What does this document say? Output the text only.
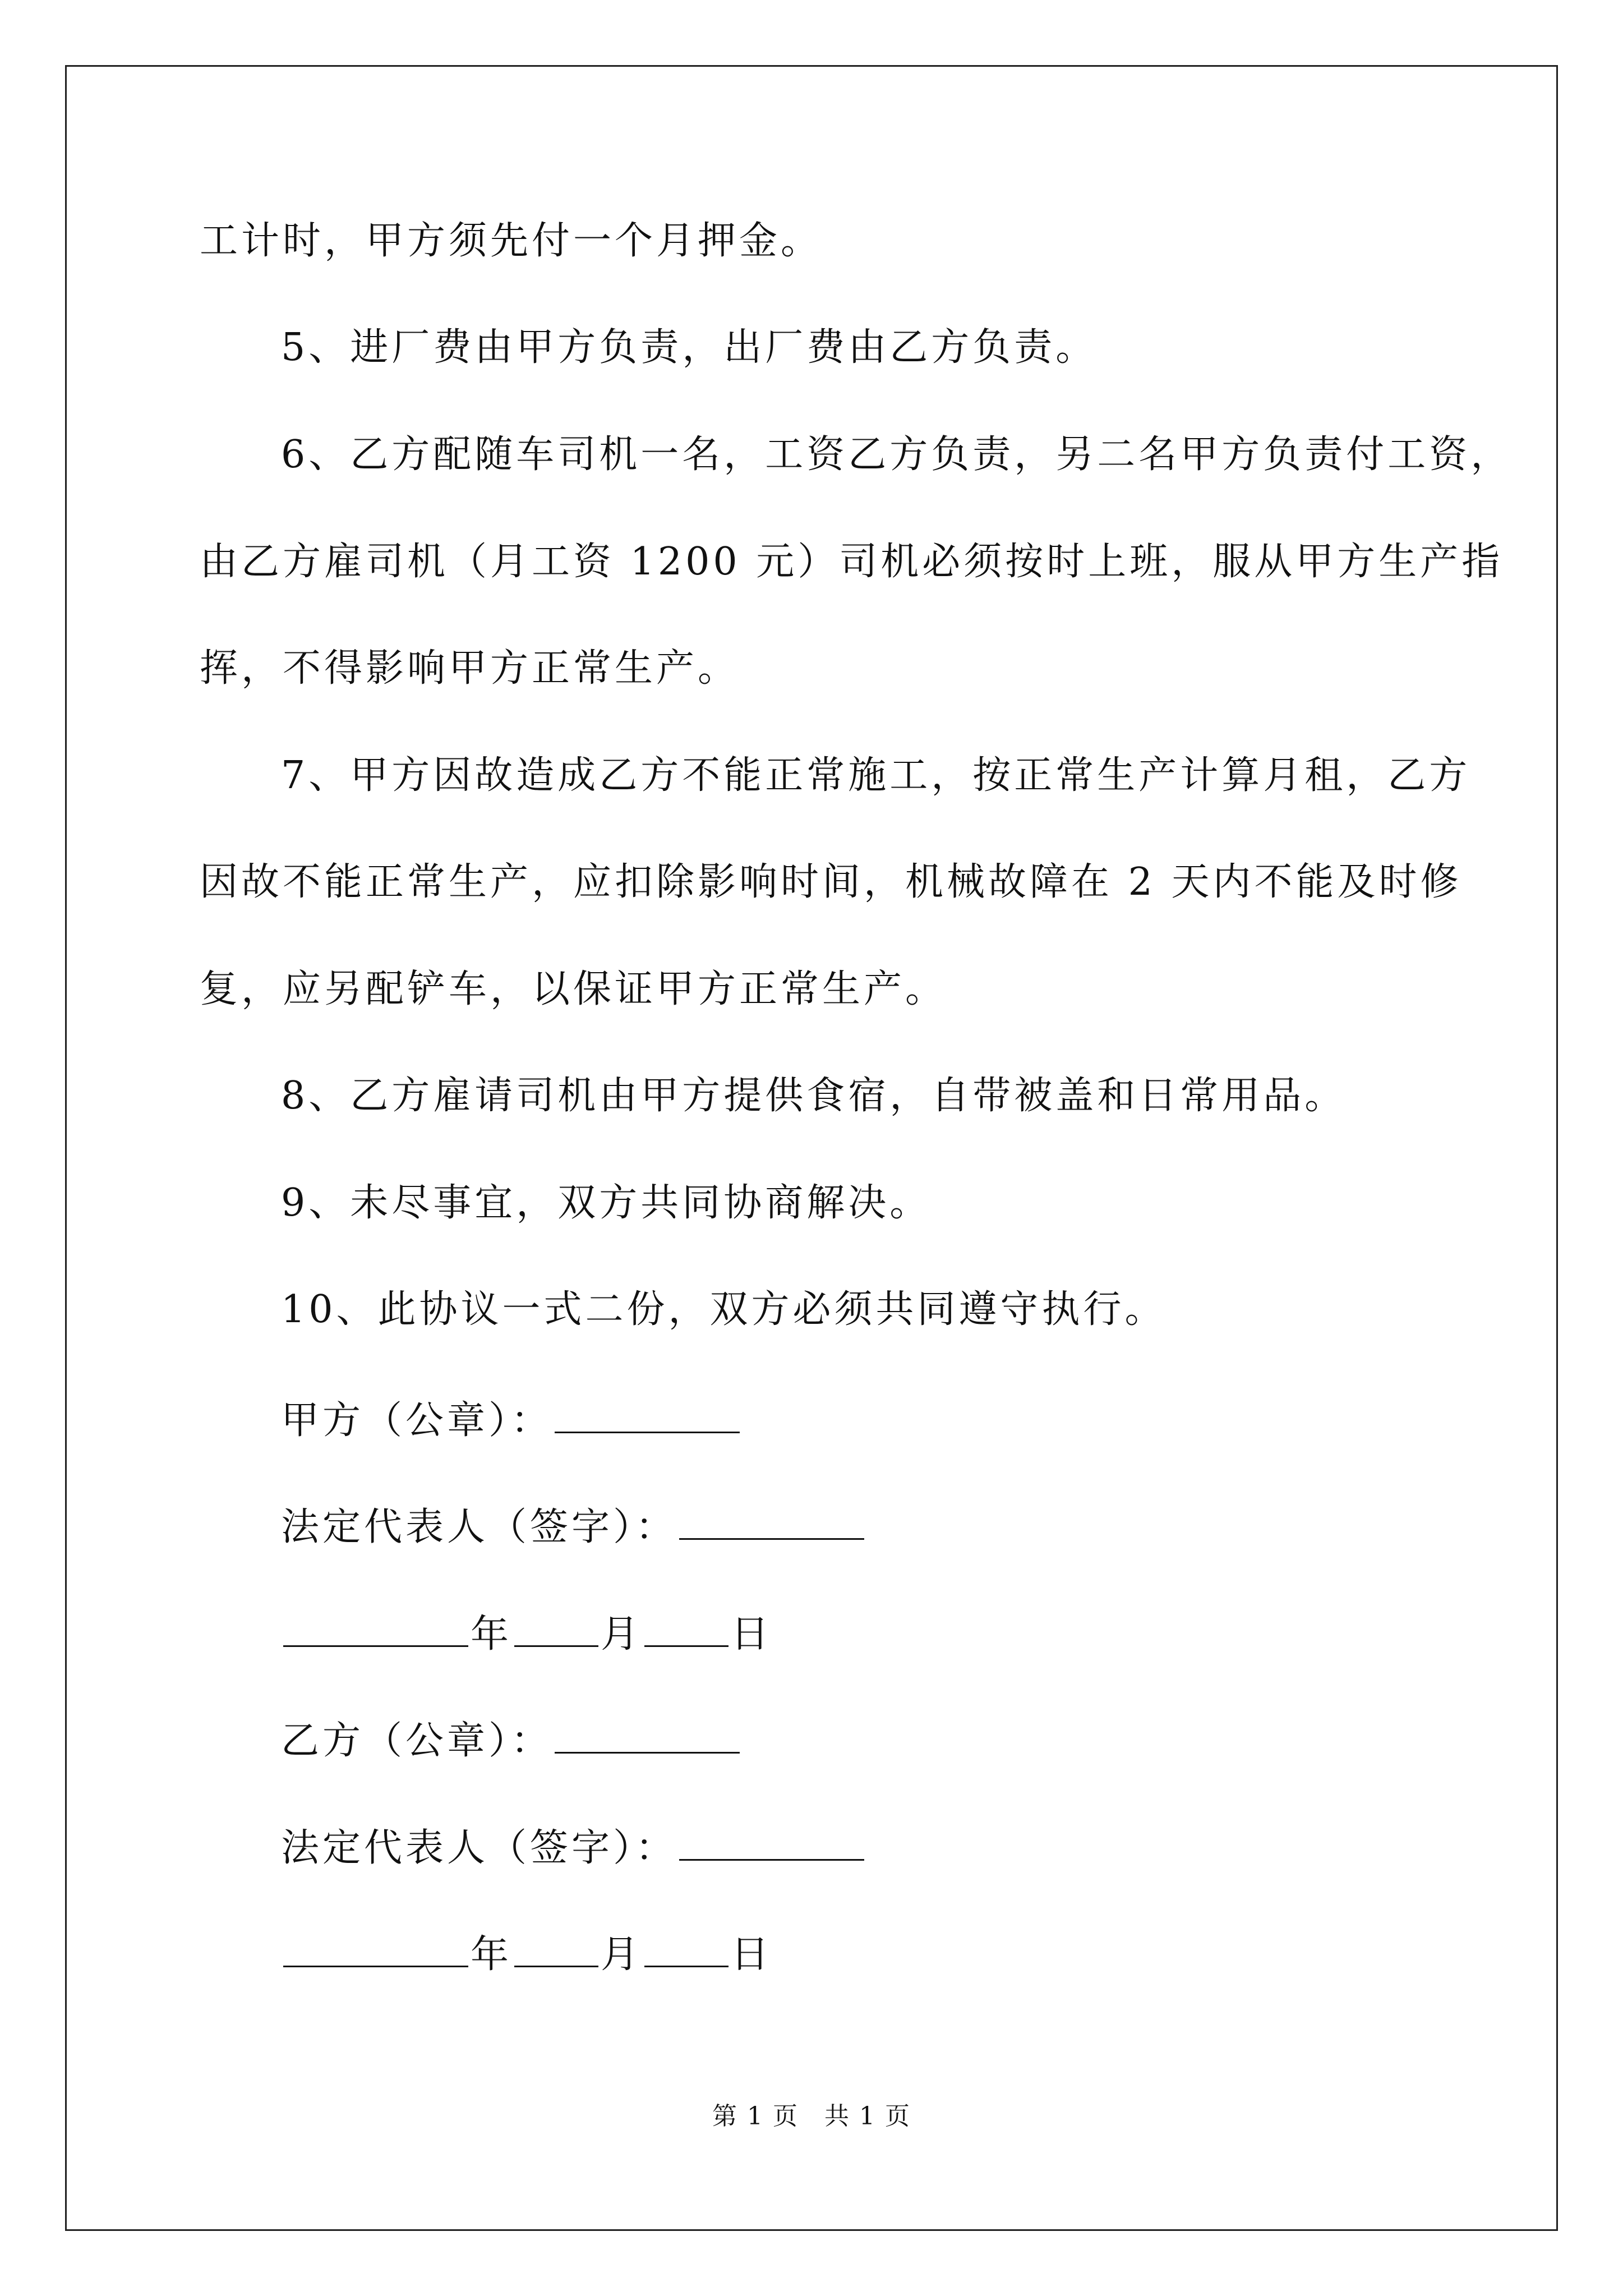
工计时，甲方须先付一个月押金。
5、进厂费由甲方负责，出厂费由乙方负责。
6、乙方配随车司机一名，工资乙方负责，另二名甲方负责付工资，
由乙方雇司机（月工资 1200 元）司机必须按时上班，服从甲方生产指
挥，不得影响甲方正常生产。
7、甲方因故造成乙方不能正常施工，按正常生产计算月租，乙方
因故不能正常生产，应扣除影响时间，机械故障在 2 天内不能及时修
复，应另配铲车，以保证甲方正常生产。
8、乙方雇请司机由甲方提供食宿，自带被盖和日常用品。
9、未尽事宜，双方共同协商解决。
10、此协议一式二份，双方必须共同遵守执行。
甲方（公章）：
法定代表人（签字）：
年 月 日
乙方（公章）：
法定代表人（签字）：
年 月 日
第 1 页　共 1 页
